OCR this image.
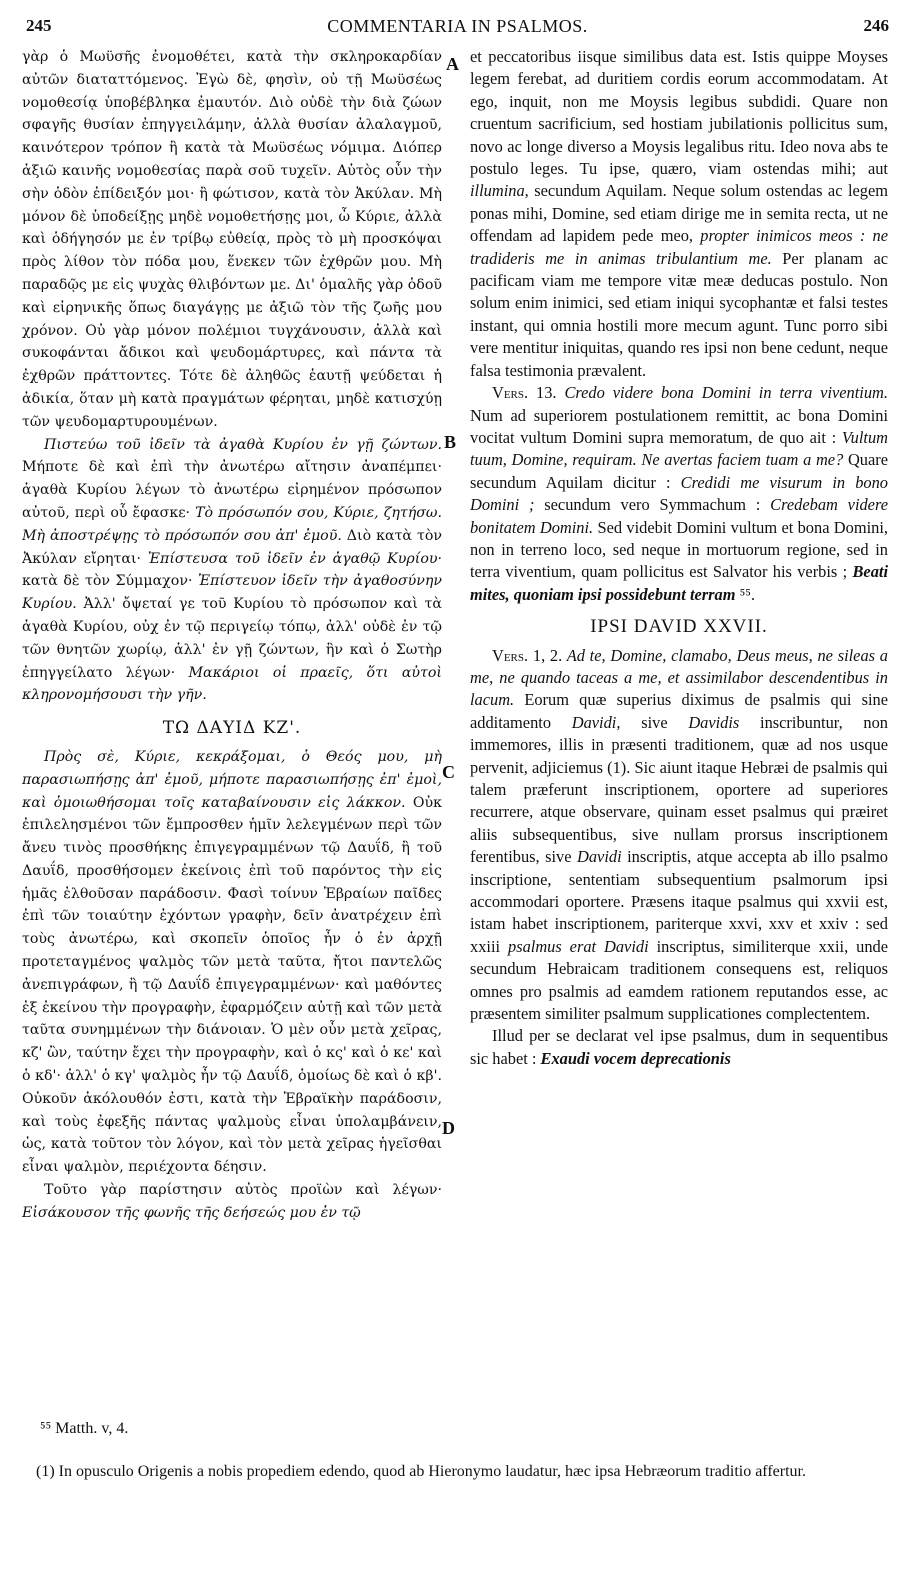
245	COMMENTARIA IN PSALMOS.	246

γὰρ ὁ Μωϋσῆς ἐνομοθέτει, κατὰ τὴν σκληροκαρδίαν αὐτῶν διαταττόμενος. Ἐγὼ δὲ, φησὶν, οὐ τῇ Μωϋσέως νομοθεσίᾳ ὑποβέβληκα ἐμαυτόν. Διὸ οὐδὲ τὴν διὰ ζώων σφαγῆς θυσίαν ἐπηγγειλάμην, ἀλλὰ θυσίαν ἀλαλαγμοῦ, καινότερον τρόπον ἢ κατὰ τὰ Μωϋσέως νόμιμα. Διόπερ ἀξιῶ καινῆς νομοθεσίας παρὰ σοῦ τυχεῖν. Αὐτὸς οὖν τὴν σὴν ὁδὸν ἐπίδειξόν μοι· ἢ φώτισον, κατὰ τὸν Ἀκύλαν. Μὴ μόνον δὲ ὑποδείξῃς μηδὲ νομοθετήσῃς μοι, ὦ Κύριε, ἀλλὰ καὶ ὁδήγησόν με ἐν τρίβῳ εὐθείᾳ, πρὸς τὸ μὴ προσκόψαι πρὸς λίθον τὸν πόδα μου, ἕνεκεν τῶν ἐχθρῶν μου. Μὴ παραδῷς με εἰς ψυχὰς θλιβόντων με. Δι' ὁμαλῆς γὰρ ὁδοῦ καὶ εἰρηνικῆς ὅπως διαγάγῃς με ἀξιῶ τὸν τῆς ζωῆς μου χρόνον. Οὐ γὰρ μόνον πολέμιοι τυγχάνουσιν, ἀλλὰ καὶ συκοφάνται ἄδικοι καὶ ψευδομάρτυρες, καὶ πάντα τὰ ἐχθρῶν πράττοντες. Τότε δὲ ἀληθῶς ἑαυτῇ ψεύδεται ἡ ἀδικία, ὅταν μὴ κατὰ πραγμάτων φέρηται, μηδὲ κατισχύῃ τῶν ψευδομαρτυρουμένων.

Πιστεύω τοῦ ἰδεῖν τὰ ἀγαθὰ Κυρίου ἐν γῇ ζώντων. Μήποτε δὲ καὶ ἐπὶ τὴν ἀνωτέρω αἴτησιν ἀναπέμπει· ἀγαθὰ Κυρίου λέγων τὸ ἀνωτέρω εἰρημένον πρόσωπον αὐτοῦ, περὶ οὗ ἔφασκε· Τὸ πρόσωπόν σου, Κύριε, ζητήσω. Μὴ ἀποστρέψῃς τὸ πρόσωπόν σου ἀπ' ἐμοῦ. Διὸ κατὰ τὸν Ἀκύλαν εἴρηται· Ἐπίστευσα τοῦ ἰδεῖν ἐν ἀγαθῷ Κυρίου· κατὰ δὲ τὸν Σύμμαχον· Ἐπίστευον ἰδεῖν τὴν ἀγαθοσύνην Κυρίου. Ἀλλ' ὄψεταί γε τοῦ Κυρίου τὸ πρόσωπον καὶ τὰ ἀγαθὰ Κυρίου, οὐχ ἐν τῷ περιγείῳ τόπῳ, ἀλλ' οὐδὲ ἐν τῷ τῶν θνητῶν χωρίῳ, ἀλλ' ἐν γῇ ζώντων, ἣν καὶ ὁ Σωτὴρ ἐπηγγείλατο λέγων· Μακάριοι οἱ πραεῖς, ὅτι αὐτοὶ κληρονομήσουσι τὴν γῆν.

ΤΩ ΔΑΥΙΔ ΚΖ'.

Πρὸς σὲ, Κύριε, κεκράξομαι, ὁ Θεός μου, μὴ παρασιωπήσῃς ἀπ' ἐμοῦ, μήποτε παρασιωπήσῃς ἐπ' ἐμοὶ, καὶ ὁμοιωθήσομαι τοῖς καταβαίνουσιν εἰς λάκκον. Οὐκ ἐπιλελησμένοι τῶν ἔμπροσθεν ἡμῖν λελεγμένων περὶ τῶν ἄνευ τινὸς προσθήκης ἐπιγεγραμμένων τῷ Δαυΐδ, ἢ τοῦ Δαυΐδ, προσθήσομεν ἐκείνοις ἐπὶ τοῦ παρόντος τὴν εἰς ἡμᾶς ἐλθοῦσαν παράδοσιν. Φασὶ τοίνυν Ἑβραίων παῖδες ἐπὶ τῶν τοιαύτην ἐχόντων γραφὴν, δεῖν ἀνατρέχειν ἐπὶ τοὺς ἀνωτέρω, καὶ σκοπεῖν ὁποῖος ἦν ὁ ἐν ἀρχῇ προτεταγμένος ψαλμὸς τῶν μετὰ ταῦτα, ἤτοι παντελῶς ἀνεπιγράφων, ἢ τῷ Δαυΐδ ἐπιγεγραμμένων· καὶ μαθόντες ἐξ ἐκείνου τὴν προγραφὴν, ἐφαρμόζειν αὐτῇ καὶ τῶν μετὰ ταῦτα συνημμένων τὴν διάνοιαν. Ὁ μὲν οὖν μετὰ χεῖρας, κζ' ὢν, ταύτην ἔχει τὴν προγραφὴν, καὶ ὁ κς' καὶ ὁ κε' καὶ ὁ κδ'· ἀλλ' ὁ κγ' ψαλμὸς ἦν τῷ Δαυΐδ, ὁμοίως δὲ καὶ ὁ κβ'. Οὐκοῦν ἀκόλουθόν ἐστι, κατὰ τὴν Ἑβραϊκὴν παράδοσιν, καὶ τοὺς ἐφεξῆς πάντας ψαλμοὺς εἶναι ὑπολαμβάνειν, ὡς, κατὰ τοῦτον τὸν λόγον, καὶ τὸν μετὰ χεῖρας ἡγεῖσθαι εἶναι ψαλμὸν, περιέχοντα δέησιν.

Τοῦτο γὰρ παρίστησιν αὐτὸς προϊὼν καὶ λέγων· Εἰσάκουσον τῆς φωνῆς τῆς δεήσεώς μου ἐν τῷ

A
B
C
D

et peccatoribus iisque similibus data est. Istis quippe Moyses legem ferebat, ad duritiem cordis eorum accommodatam. At ego, inquit, non me Moysis legibus subdidi. Quare non cruentum sacrificium, sed hostiam jubilationis pollicitus sum, novo ac longe diverso a Moysis legalibus ritu. Ideo nova abs te postulo leges. Tu ipse, quæro, viam ostendas mihi; aut illumina, secundum Aquilam. Neque solum ostendas ac legem ponas mihi, Domine, sed etiam dirige me in semita recta, ut ne offendam ad lapidem pede meo, propter inimicos meos : ne tradideris me in animas tribulantium me. Per planam ac pacificam viam me tempore vitæ meæ deducas postulo. Non solum enim inimici, sed etiam iniqui sycophantæ et falsi testes instant, qui omnia hostili more mecum agunt. Tunc porro sibi vere mentitur iniquitas, quando res ipsi non bene cedunt, neque falsa testimonia prævalent.

Vers. 13. Credo videre bona Domini in terra viventium. Num ad superiorem postulationem remittit, ac bona Domini vocitat vultum Domini supra memoratum, de quo ait : Vultum tuum, Domine, requiram. Ne avertas faciem tuam a me? Quare secundum Aquilam dicitur : Credidi me visurum in bono Domini ; secundum vero Symmachum : Credebam videre bonitatem Domini. Sed videbit Domini vultum et bona Domini, non in terreno loco, sed neque in mortuorum regione, sed in terra viventium, quam pollicitus est Salvator his verbis ; Beati mites, quoniam ipsi possidebunt terram ⁵⁵.

IPSI DAVID XXVII.

Vers. 1, 2. Ad te, Domine, clamabo, Deus meus, ne sileas a me, ne quando taceas a me, et assimilabor descendentibus in lacum. Eorum quæ superius diximus de psalmis qui sine additamento Davidi, sive Davidis inscribuntur, non immemores, illis in præsenti traditionem, quæ ad nos usque pervenit, adjiciemus (1). Sic aiunt itaque Hebræi de psalmis qui talem præferunt inscriptionem, oportere ad superiores recurrere, atque observare, quinam esset psalmus qui præiret aliis subsequentibus, sive nullam prorsus inscriptionem ferentibus, sive Davidi inscriptis, atque accepta ab illo psalmo inscriptione, sententiam subsequentium psalmorum ipsi accommodari oportere. Præsens itaque psalmus qui xxvii est, istam habet inscriptionem, pariterque xxvi, xxv et xxiv : sed xxiii psalmus erat Davidi inscriptus, similiterque xxii, unde secundum Hebraicam traditionem consequens est, reliquos omnes pro psalmis ad eamdem rationem reputandos esse, ac præsentem similiter psalmum supplicationes complectentem.

Illud per se declarat vel ipse psalmus, dum in sequentibus sic habet : Exaudi vocem deprecationis

⁵⁵ Matth. v, 4.
(1) In opusculo Origenis a nobis propediem edendo, quod ab Hieronymo laudatur, hæc ipsa Hebræorum traditio affertur.
